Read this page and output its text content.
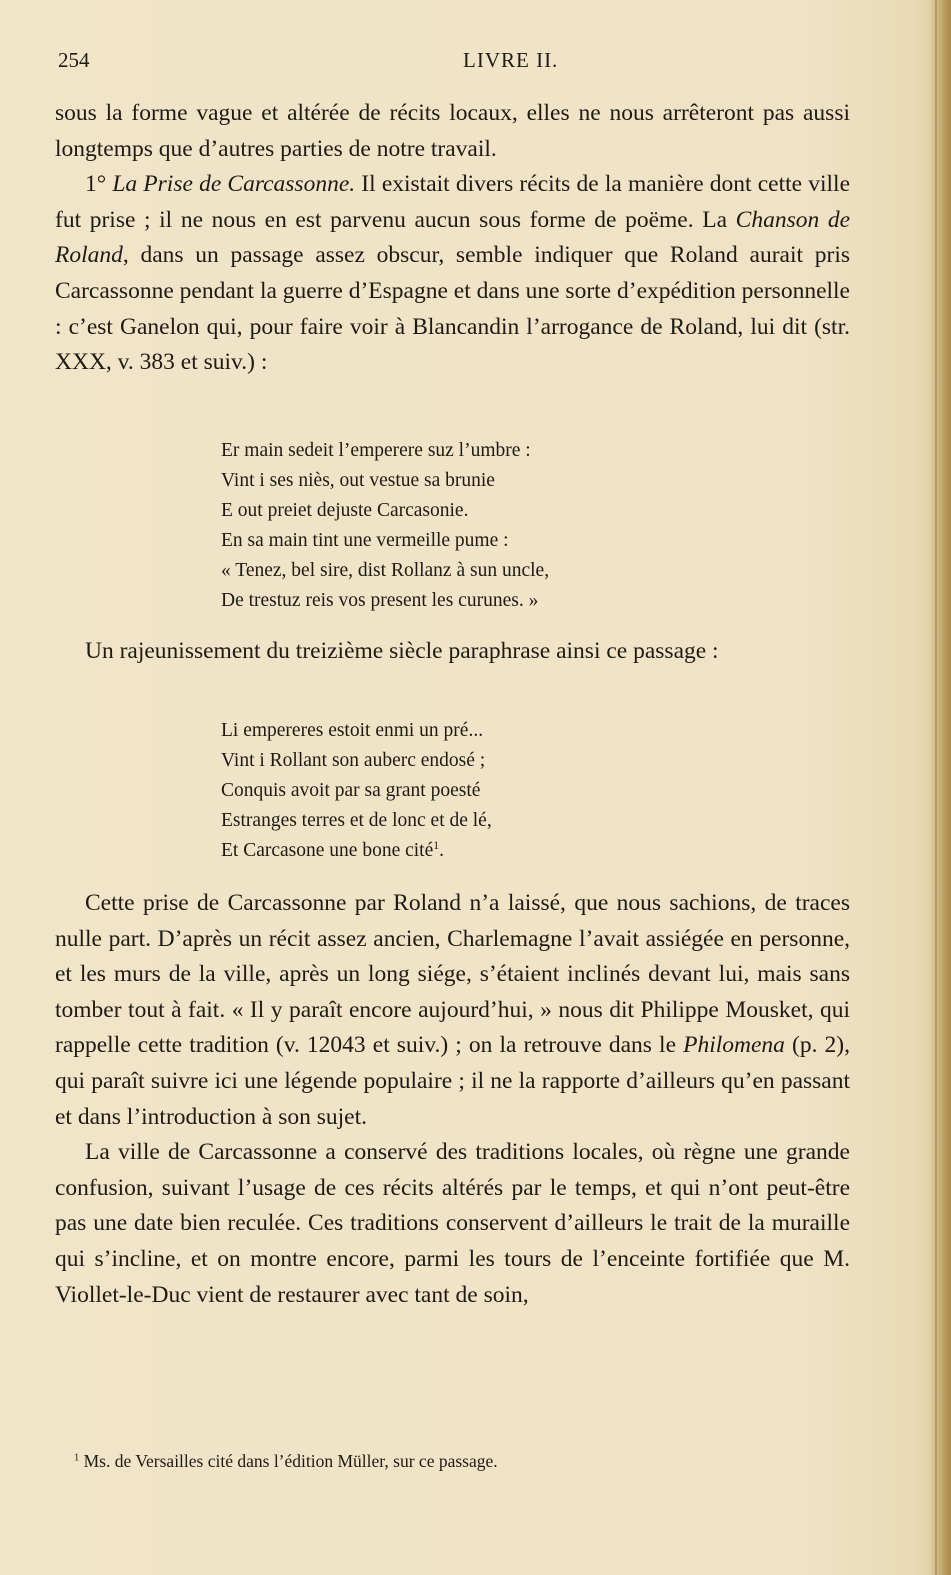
254	LIVRE II.

sous la forme vague et altérée de récits locaux, elles ne nous arrêteront pas aussi longtemps que d’autres parties de notre travail.

1° La Prise de Carcassonne. Il existait divers récits de la manière dont cette ville fut prise ; il ne nous en est parvenu aucun sous forme de poëme. La Chanson de Roland, dans un passage assez obscur, semble indiquer que Roland aurait pris Carcassonne pendant la guerre d’Espagne et dans une sorte d’expédition personnelle : c’est Ganelon qui, pour faire voir à Blancandin l’arrogance de Roland, lui dit (str. XXX, v. 383 et suiv.) :

Er main sedeit l’emperere suz l’umbre :
Vint i ses niès, out vestue sa brunie
E out preiet dejuste Carcasonie.
En sa main tint une vermeille pume :
« Tenez, bel sire, dist Rollanz à sun uncle,
De trestuz reis vos present les curunes. »

Un rajeunissement du treizième siècle paraphrase ainsi ce passage :

Li empereres estoit enmi un pré...
Vint i Rollant son auberc endosé ;
Conquis avoit par sa grant poesté
Estranges terres et de lonc et de lé,
Et Carcasone une bone cité$^1$.

Cette prise de Carcassonne par Roland n’a laissé, que nous sachions, de traces nulle part. D’après un récit assez ancien, Charlemagne l’avait assiégée en personne, et les murs de la ville, après un long siége, s’étaient inclinés devant lui, mais sans tomber tout à fait. « Il y paraît encore aujourd’hui, » nous dit Philippe Mousket, qui rappelle cette tradition (v. 12043 et suiv.) ; on la retrouve dans le Philomena (p. 2), qui paraît suivre ici une légende populaire ; il ne la rapporte d’ailleurs qu’en passant et dans l’introduction à son sujet.

La ville de Carcassonne a conservé des traditions locales, où règne une grande confusion, suivant l’usage de ces récits altérés par le temps, et qui n’ont peut-être pas une date bien reculée. Ces traditions conservent d’ailleurs le trait de la muraille qui s’incline, et on montre encore, parmi les tours de l’enceinte fortifiée que M. Viollet-le-Duc vient de restaurer avec tant de soin,

$^1$ Ms. de Versailles cité dans l’édition Müller, sur ce passage.
